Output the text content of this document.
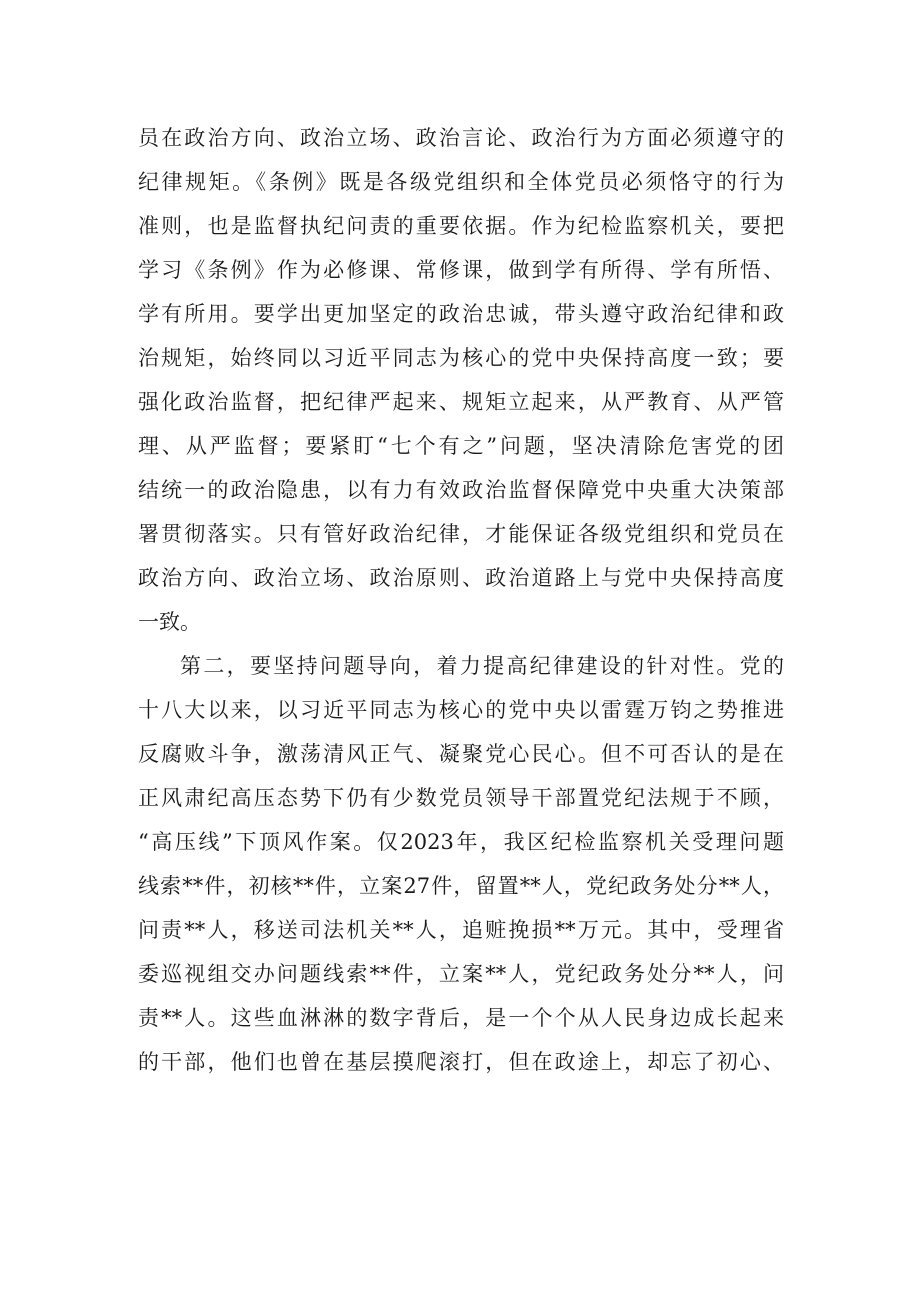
员在政治方向、政治立场、政治言论、政治行为方面必须遵守的
纪律规矩。《条例》既是各级党组织和全体党员必须恪守的行为
准则，也是监督执纪问责的重要依据。作为纪检监察机关，要把
学习《条例》作为必修课、常修课，做到学有所得、学有所悟、
学有所用。要学出更加坚定的政治忠诚，带头遵守政治纪律和政
治规矩，始终同以习近平同志为核心的党中央保持高度一致；要
强化政治监督，把纪律严起来、规矩立起来，从严教育、从严管
理、从严监督；要紧盯“七个有之”问题，坚决清除危害党的团
结统一的政治隐患，以有力有效政治监督保障党中央重大决策部
署贯彻落实。只有管好政治纪律，才能保证各级党组织和党员在
政治方向、政治立场、政治原则、政治道路上与党中央保持高度
一致。
第二，要坚持问题导向，着力提高纪律建设的针对性。党的
十八大以来，以习近平同志为核心的党中央以雷霆万钧之势推进
反腐败斗争，激荡清风正气、凝聚党心民心。但不可否认的是在
正风肃纪高压态势下仍有少数党员领导干部置党纪法规于不顾，
“高压线”下顶风作案。仅2023年，我区纪检监察机关受理问题
线索**件，初核**件，立案27件，留置**人，党纪政务处分**人，
问责**人，移送司法机关**人，追赃挽损**万元。其中，受理省
委巡视组交办问题线索**件，立案**人，党纪政务处分**人，问
责**人。这些血淋淋的数字背后，是一个个从人民身边成长起来
的干部，他们也曾在基层摸爬滚打，但在政途上，却忘了初心、
